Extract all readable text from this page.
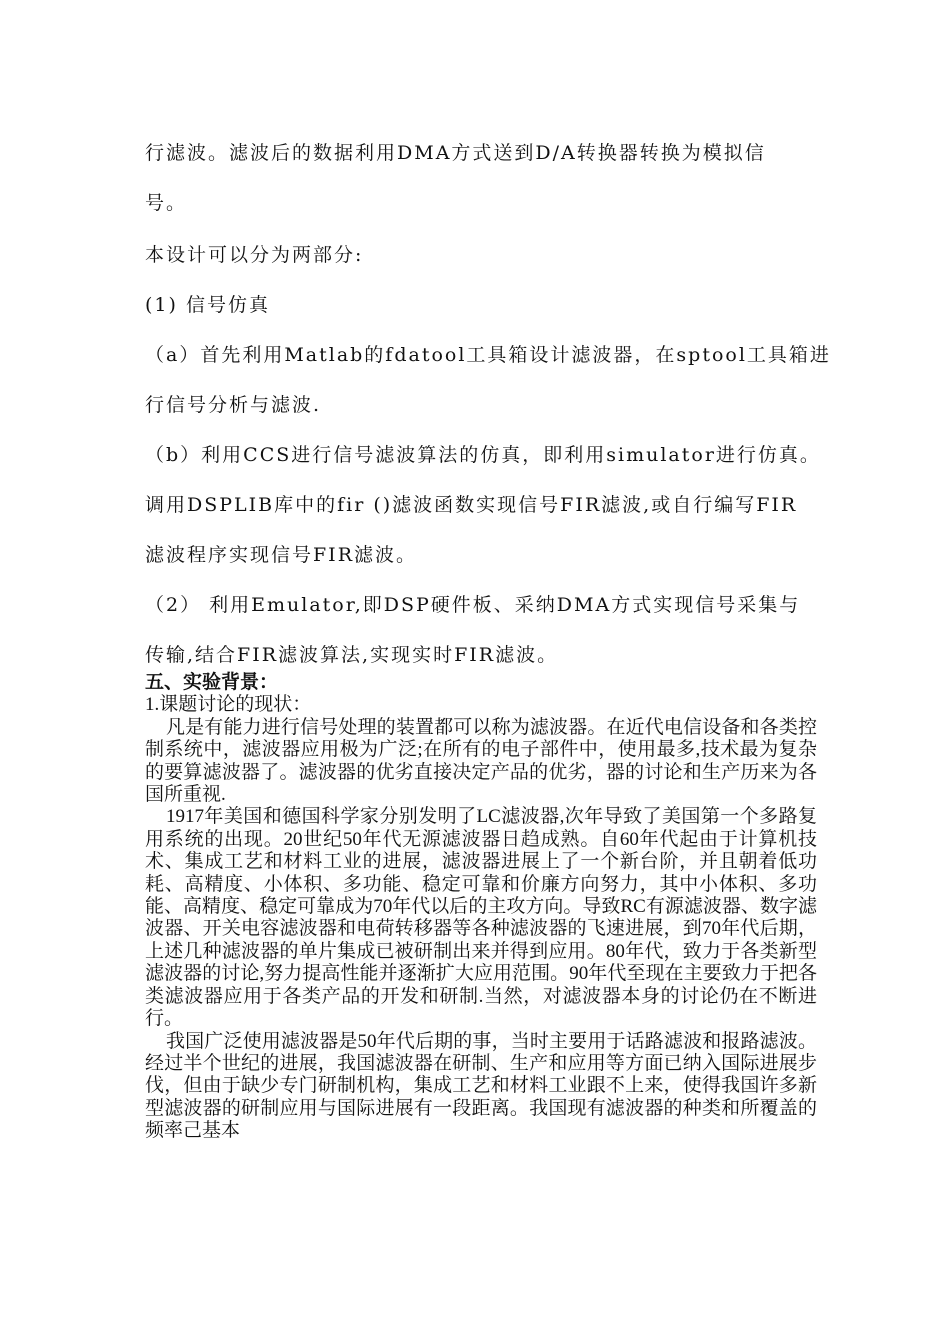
行滤波。滤波后的数据利用DMA方式送到D/A转换器转换为模拟信
号。
本设计可以分为两部分:
(1) 信号仿真
（a）首先利用Matlab的fdatool工具箱设计滤波器，在sptool工具箱进
行信号分析与滤波.
（b）利用CCS进行信号滤波算法的仿真，即利用simulator进行仿真。
调用DSPLIB库中的fir ()滤波函数实现信号FIR滤波,或自行编写FIR
滤波程序实现信号FIR滤波。
（2） 利用Emulator,即DSP硬件板、采纳DMA方式实现信号采集与
传输,结合FIR滤波算法,实现实时FIR滤波。

五、实验背景：

1.课题讨论的现状：

凡是有能力进行信号处理的装置都可以称为滤波器。在近代电信设备和各类控制系统中，滤波器应用极为广泛;在所有的电子部件中，使用最多,技术最为复杂的要算滤波器了。滤波器的优劣直接决定产品的优劣，器的讨论和生产历来为各国所重视.

1917年美国和德国科学家分别发明了LC滤波器,次年导致了美国第一个多路复用系统的出现。20世纪50年代无源滤波器日趋成熟。自60年代起由于计算机技术、集成工艺和材料工业的进展，滤波器进展上了一个新台阶，并且朝着低功耗、高精度、小体积、多功能、稳定可靠和价廉方向努力，其中小体积、多功能、高精度、稳定可靠成为70年代以后的主攻方向。导致RC有源滤波器、数字滤波器、开关电容滤波器和电荷转移器等各种滤波器的飞速进展，到70年代后期，上述几种滤波器的单片集成已被研制出来并得到应用。80年代，致力于各类新型滤波器的讨论,努力提高性能并逐渐扩大应用范围。90年代至现在主要致力于把各类滤波器应用于各类产品的开发和研制.当然，对滤波器本身的讨论仍在不断进行。

我国广泛使用滤波器是50年代后期的事，当时主要用于话路滤波和报路滤波。经过半个世纪的进展，我国滤波器在研制、生产和应用等方面已纳入国际进展步伐，但由于缺少专门研制机构，集成工艺和材料工业跟不上来，使得我国许多新型滤波器的研制应用与国际进展有一段距离。我国现有滤波器的种类和所覆盖的频率己基本
